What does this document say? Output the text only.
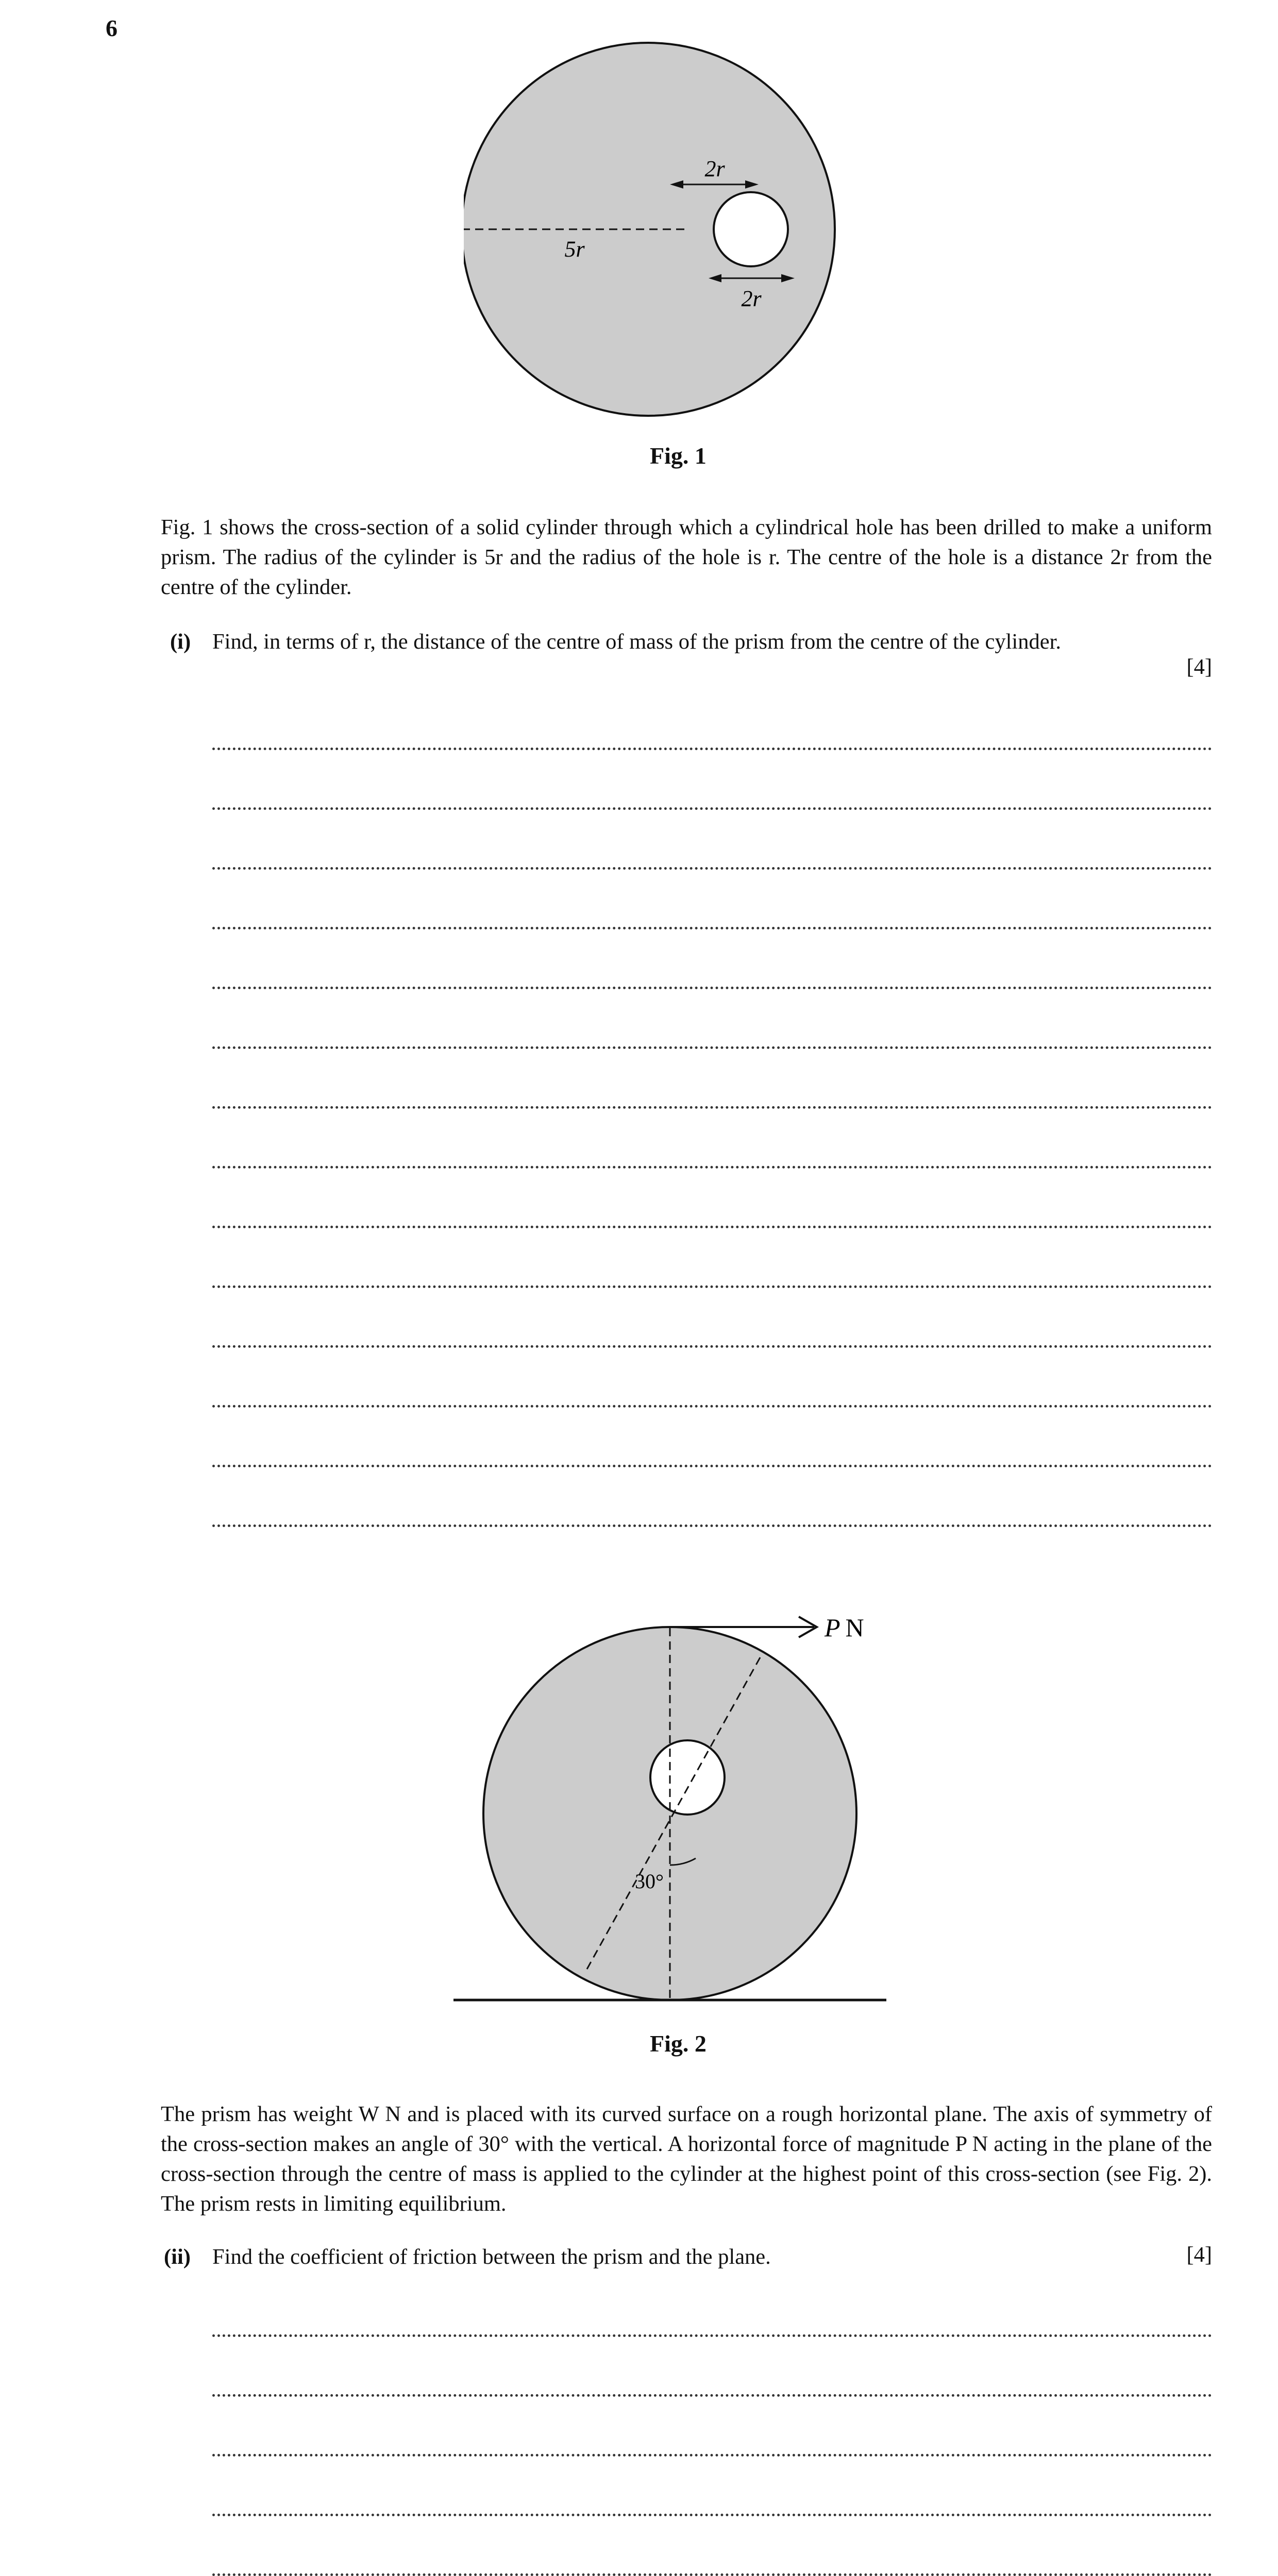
6
5r
2r
2r
Fig. 1
Fig. 1 shows the cross-section of a solid cylinder through which a cylindrical hole has been drilled to make a uniform prism. The radius of the cylinder is 5r and the radius of the hole is r. The centre of the hole is a distance 2r from the centre of the cylinder.
(i) Find, in terms of r, the distance of the centre of mass of the prism from the centre of the cylinder.
[4]
30°
P N
Fig. 2
The prism has weight W N and is placed with its curved surface on a rough horizontal plane. The axis of symmetry of the cross-section makes an angle of 30° with the vertical. A horizontal force of magnitude P N acting in the plane of the cross-section through the centre of mass is applied to the cylinder at the highest point of this cross-section (see Fig. 2). The prism rests in limiting equilibrium.
(ii) Find the coefficient of friction between the prism and the plane.	[4]
